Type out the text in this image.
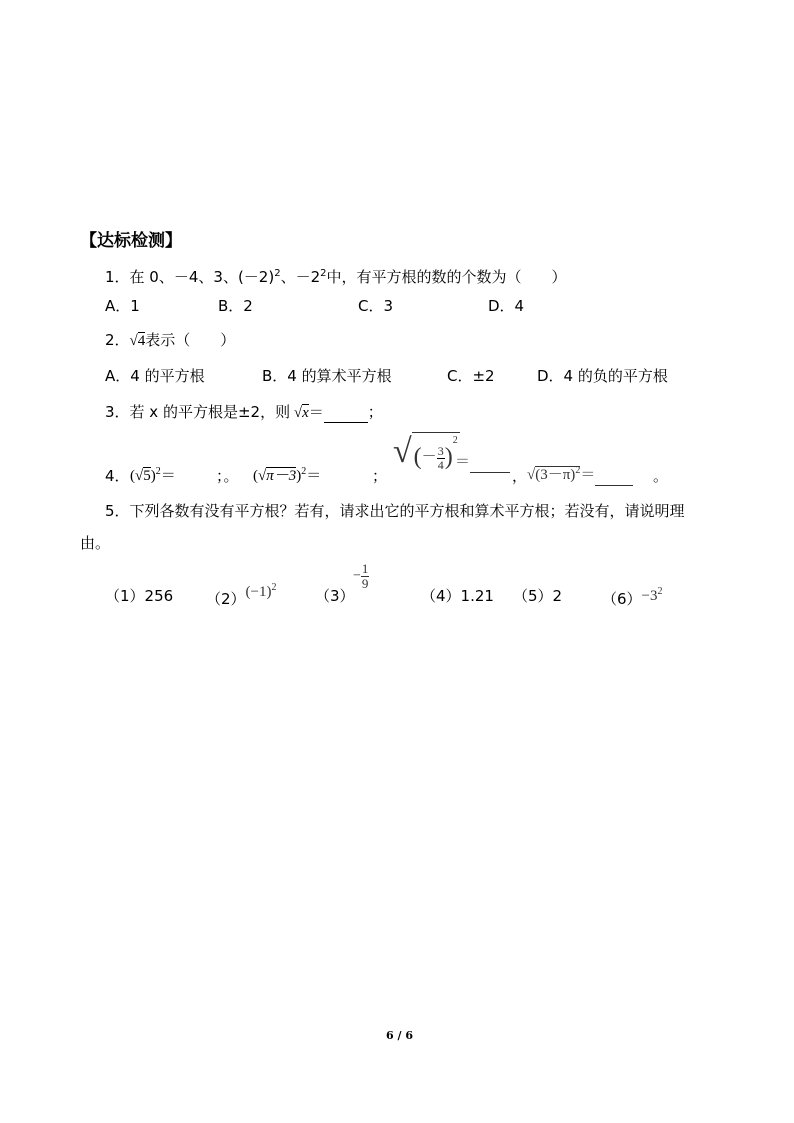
【达标检测】
1．在 0、－4、3、$(-2)^2$、$-2^2$中，有平方根的数的个数为（　　）
A．1	B．2	C．3	D．4
2．√4表示（　　）
A．4 的平方根	B．4 的算术平方根	C．±2	D．4 的负的平方根
3．若 x 的平方根是±2，则 √x＝	；
4． $(√5)^2=$	；。 $(√\pi-3)^2=$	；
√(－ $\frac{3}{4} )^2$
＝
， $√(3-\pi)^2=$	。
5．下列各数有没有平方根？若有，请求出它的平方根和算术平方根；若没有，请说明理
由。
（1）256 $(2)(-1)^2$	（3）
− $\frac{1}{9}$
（4）1.21 （5）2	$(6)-3^2$
6 / 6
